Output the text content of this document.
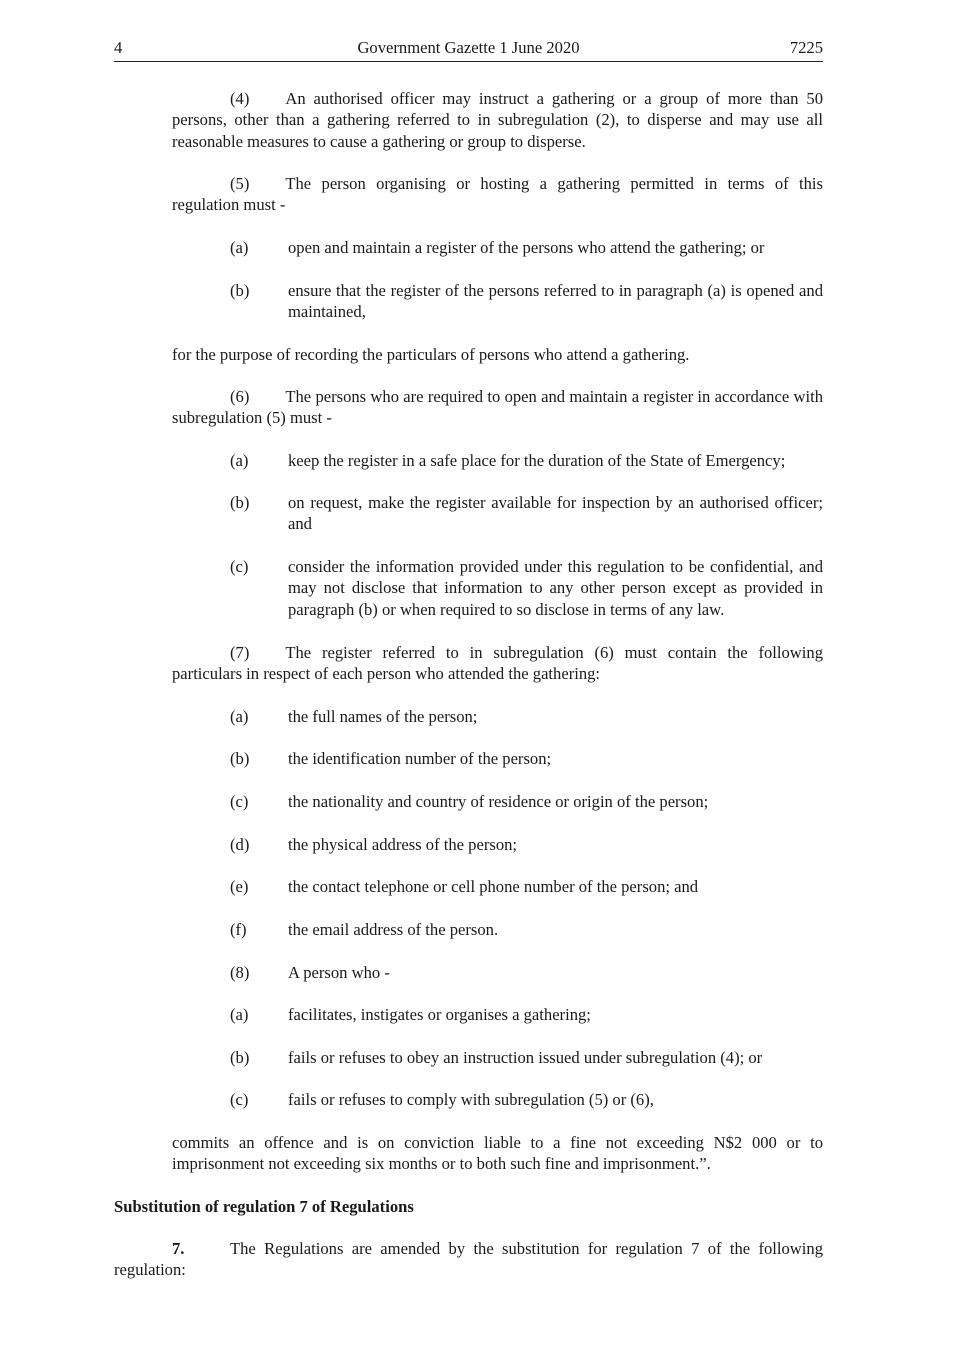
4	Government Gazette 1 June 2020	7225
(4) An authorised officer may instruct a gathering or a group of more than 50 persons, other than a gathering referred to in subregulation (2), to disperse and may use all reasonable measures to cause a gathering or group to disperse.
(5) The person organising or hosting a gathering permitted in terms of this regulation must -
(a) open and maintain a register of the persons who attend the gathering; or
(b) ensure that the register of the persons referred to in paragraph (a) is opened and maintained,
for the purpose of recording the particulars of persons who attend a gathering.
(6) The persons who are required to open and maintain a register in accordance with subregulation (5) must -
(a) keep the register in a safe place for the duration of the State of Emergency;
(b) on request, make the register available for inspection by an authorised officer; and
(c) consider the information provided under this regulation to be confidential, and may not disclose that information to any other person except as provided in paragraph (b) or when required to so disclose in terms of any law.
(7) The register referred to in subregulation (6) must contain the following particulars in respect of each person who attended the gathering:
(a) the full names of the person;
(b) the identification number of the person;
(c) the nationality and country of residence or origin of the person;
(d) the physical address of the person;
(e) the contact telephone or cell phone number of the person; and
(f) the email address of the person.
(8) A person who -
(a) facilitates, instigates or organises a gathering;
(b) fails or refuses to obey an instruction issued under subregulation (4); or
(c) fails or refuses to comply with subregulation (5) or (6),
commits an offence and is on conviction liable to a fine not exceeding N$2 000 or to imprisonment not exceeding six months or to both such fine and imprisonment.”.
Substitution of regulation 7 of Regulations
7.	The Regulations are amended by the substitution for regulation 7 of the following regulation:
